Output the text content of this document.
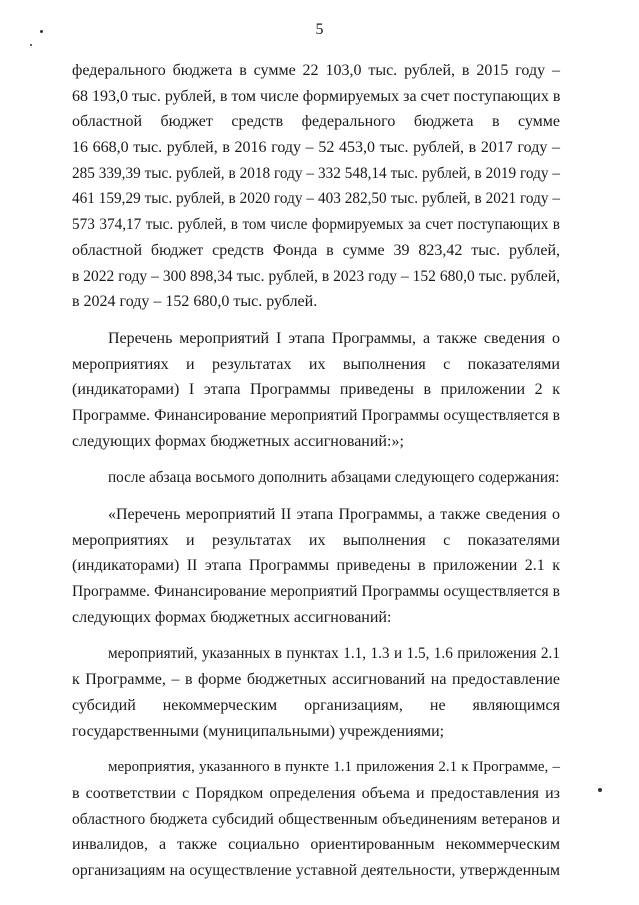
5
федерального бюджета в сумме 22 103,0 тыс. рублей, в 2015 году –
68 193,0 тыс. рублей, в том числе формируемых за счет поступающих в
областной бюджет средств федерального бюджета в сумме
16 668,0 тыс. рублей, в 2016 году – 52 453,0 тыс. рублей, в 2017 году –
285 339,39 тыс. рублей, в 2018 году – 332 548,14 тыс. рублей, в 2019 году –
461 159,29 тыс. рублей, в 2020 году – 403 282,50 тыс. рублей, в 2021 году –
573 374,17 тыс. рублей, в том числе формируемых за счет поступающих в
областной бюджет средств Фонда в сумме 39 823,42 тыс. рублей,
в 2022 году – 300 898,34 тыс. рублей, в 2023 году – 152 680,0 тыс. рублей,
в 2024 году – 152 680,0 тыс. рублей.
Перечень мероприятий I этапа Программы, а также сведения о
мероприятиях и результатах их выполнения с показателями
(индикаторами) I этапа Программы приведены в приложении 2 к
Программе. Финансирование мероприятий Программы осуществляется в
следующих формах бюджетных ассигнований:»;
после абзаца восьмого дополнить абзацами следующего содержания:
«Перечень мероприятий II этапа Программы, а также сведения о
мероприятиях и результатах их выполнения с показателями
(индикаторами) II этапа Программы приведены в приложении 2.1 к
Программе. Финансирование мероприятий Программы осуществляется в
следующих формах бюджетных ассигнований:
мероприятий, указанных в пунктах 1.1, 1.3 и 1.5, 1.6 приложения 2.1
к Программе, – в форме бюджетных ассигнований на предоставление
субсидий некоммерческим организациям, не являющимся
государственными (муниципальными) учреждениями;
мероприятия, указанного в пункте 1.1 приложения 2.1 к Программе, –
в соответствии с Порядком определения объема и предоставления из
областного бюджета субсидий общественным объединениям ветеранов и
инвалидов, а также социально ориентированным некоммерческим
организациям на осуществление уставной деятельности, утвержденным
